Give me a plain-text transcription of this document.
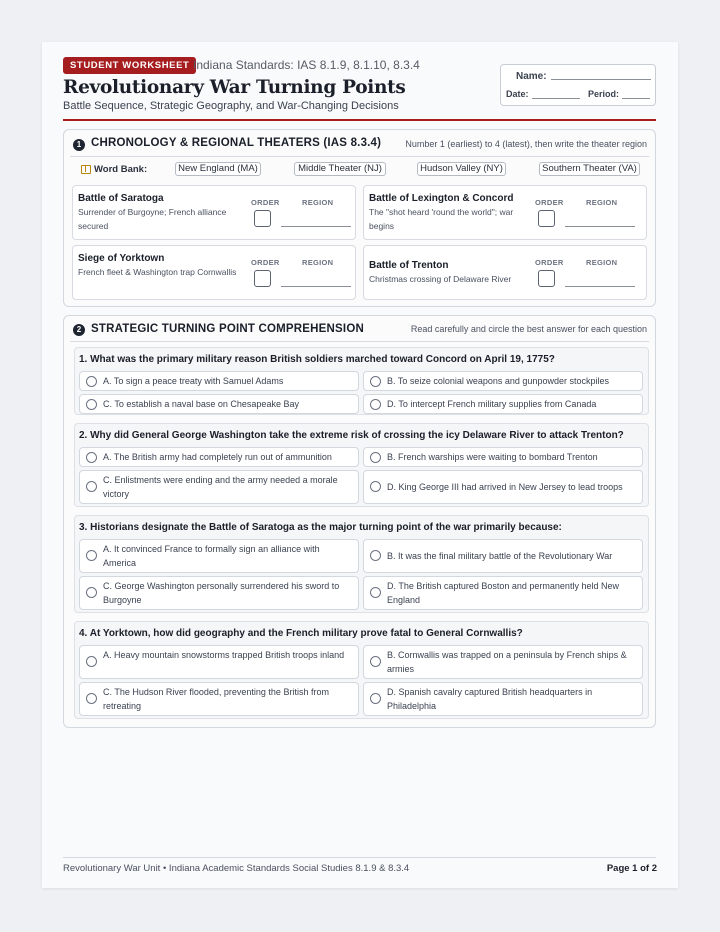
STUDENT WORKSHEET Indiana Standards: IAS 8.1.9, 8.1.10, 8.3.4
Revolutionary War Turning Points
Battle Sequence, Strategic Geography, and War-Changing Decisions
Name:
Date:	Period:
1 CHRONOLOGY & REGIONAL THEATERS (IAS 8.3.4)	Number 1 (earliest) to 4 (latest), then write the theater region
Word Bank:	New England (MA)	Middle Theater (NJ)	Hudson Valley (NY)	Southern Theater (VA)
Battle of Saratoga
Surrender of Burgoyne; French alliance secured
ORDER	REGION	Battle of Lexington & Concord
The "shot heard 'round the world"; war begins
ORDER	REGION
Siege of Yorktown
French fleet & Washington trap Cornwallis
ORDER	REGION	Battle of Trenton
Christmas crossing of Delaware River
ORDER	REGION
2 STRATEGIC TURNING POINT COMPREHENSION	Read carefully and circle the best answer for each question
1. What was the primary military reason British soldiers marched toward Concord on April 19, 1775?
A. To sign a peace treaty with Samuel Adams	B. To seize colonial weapons and gunpowder stockpiles
C. To establish a naval base on Chesapeake Bay	D. To intercept French military supplies from Canada
2. Why did General George Washington take the extreme risk of crossing the icy Delaware River to attack Trenton?
A. The British army had completely run out of ammunition	B. French warships were waiting to bombard Trenton
C. Enlistments were ending and the army needed a morale victory
D. King George III had arrived in New Jersey to lead troops
3. Historians designate the Battle of Saratoga as the major turning point of the war primarily because:
A. It convinced France to formally sign an alliance with America
B. It was the final military battle of the Revolutionary War
C. George Washington personally surrendered his sword to Burgoyne
D. The British captured Boston and permanently held New England
4. At Yorktown, how did geography and the French military prove fatal to General Cornwallis?
A. Heavy mountain snowstorms trapped British troops inland	B. Cornwallis was trapped on a peninsula by French ships & armies
C. The Hudson River flooded, preventing the British from retreating
D. Spanish cavalry captured British headquarters in Philadelphia
Revolutionary War Unit • Indiana Academic Standards Social Studies 8.1.9 & 8.3.4	Page 1 of 2
